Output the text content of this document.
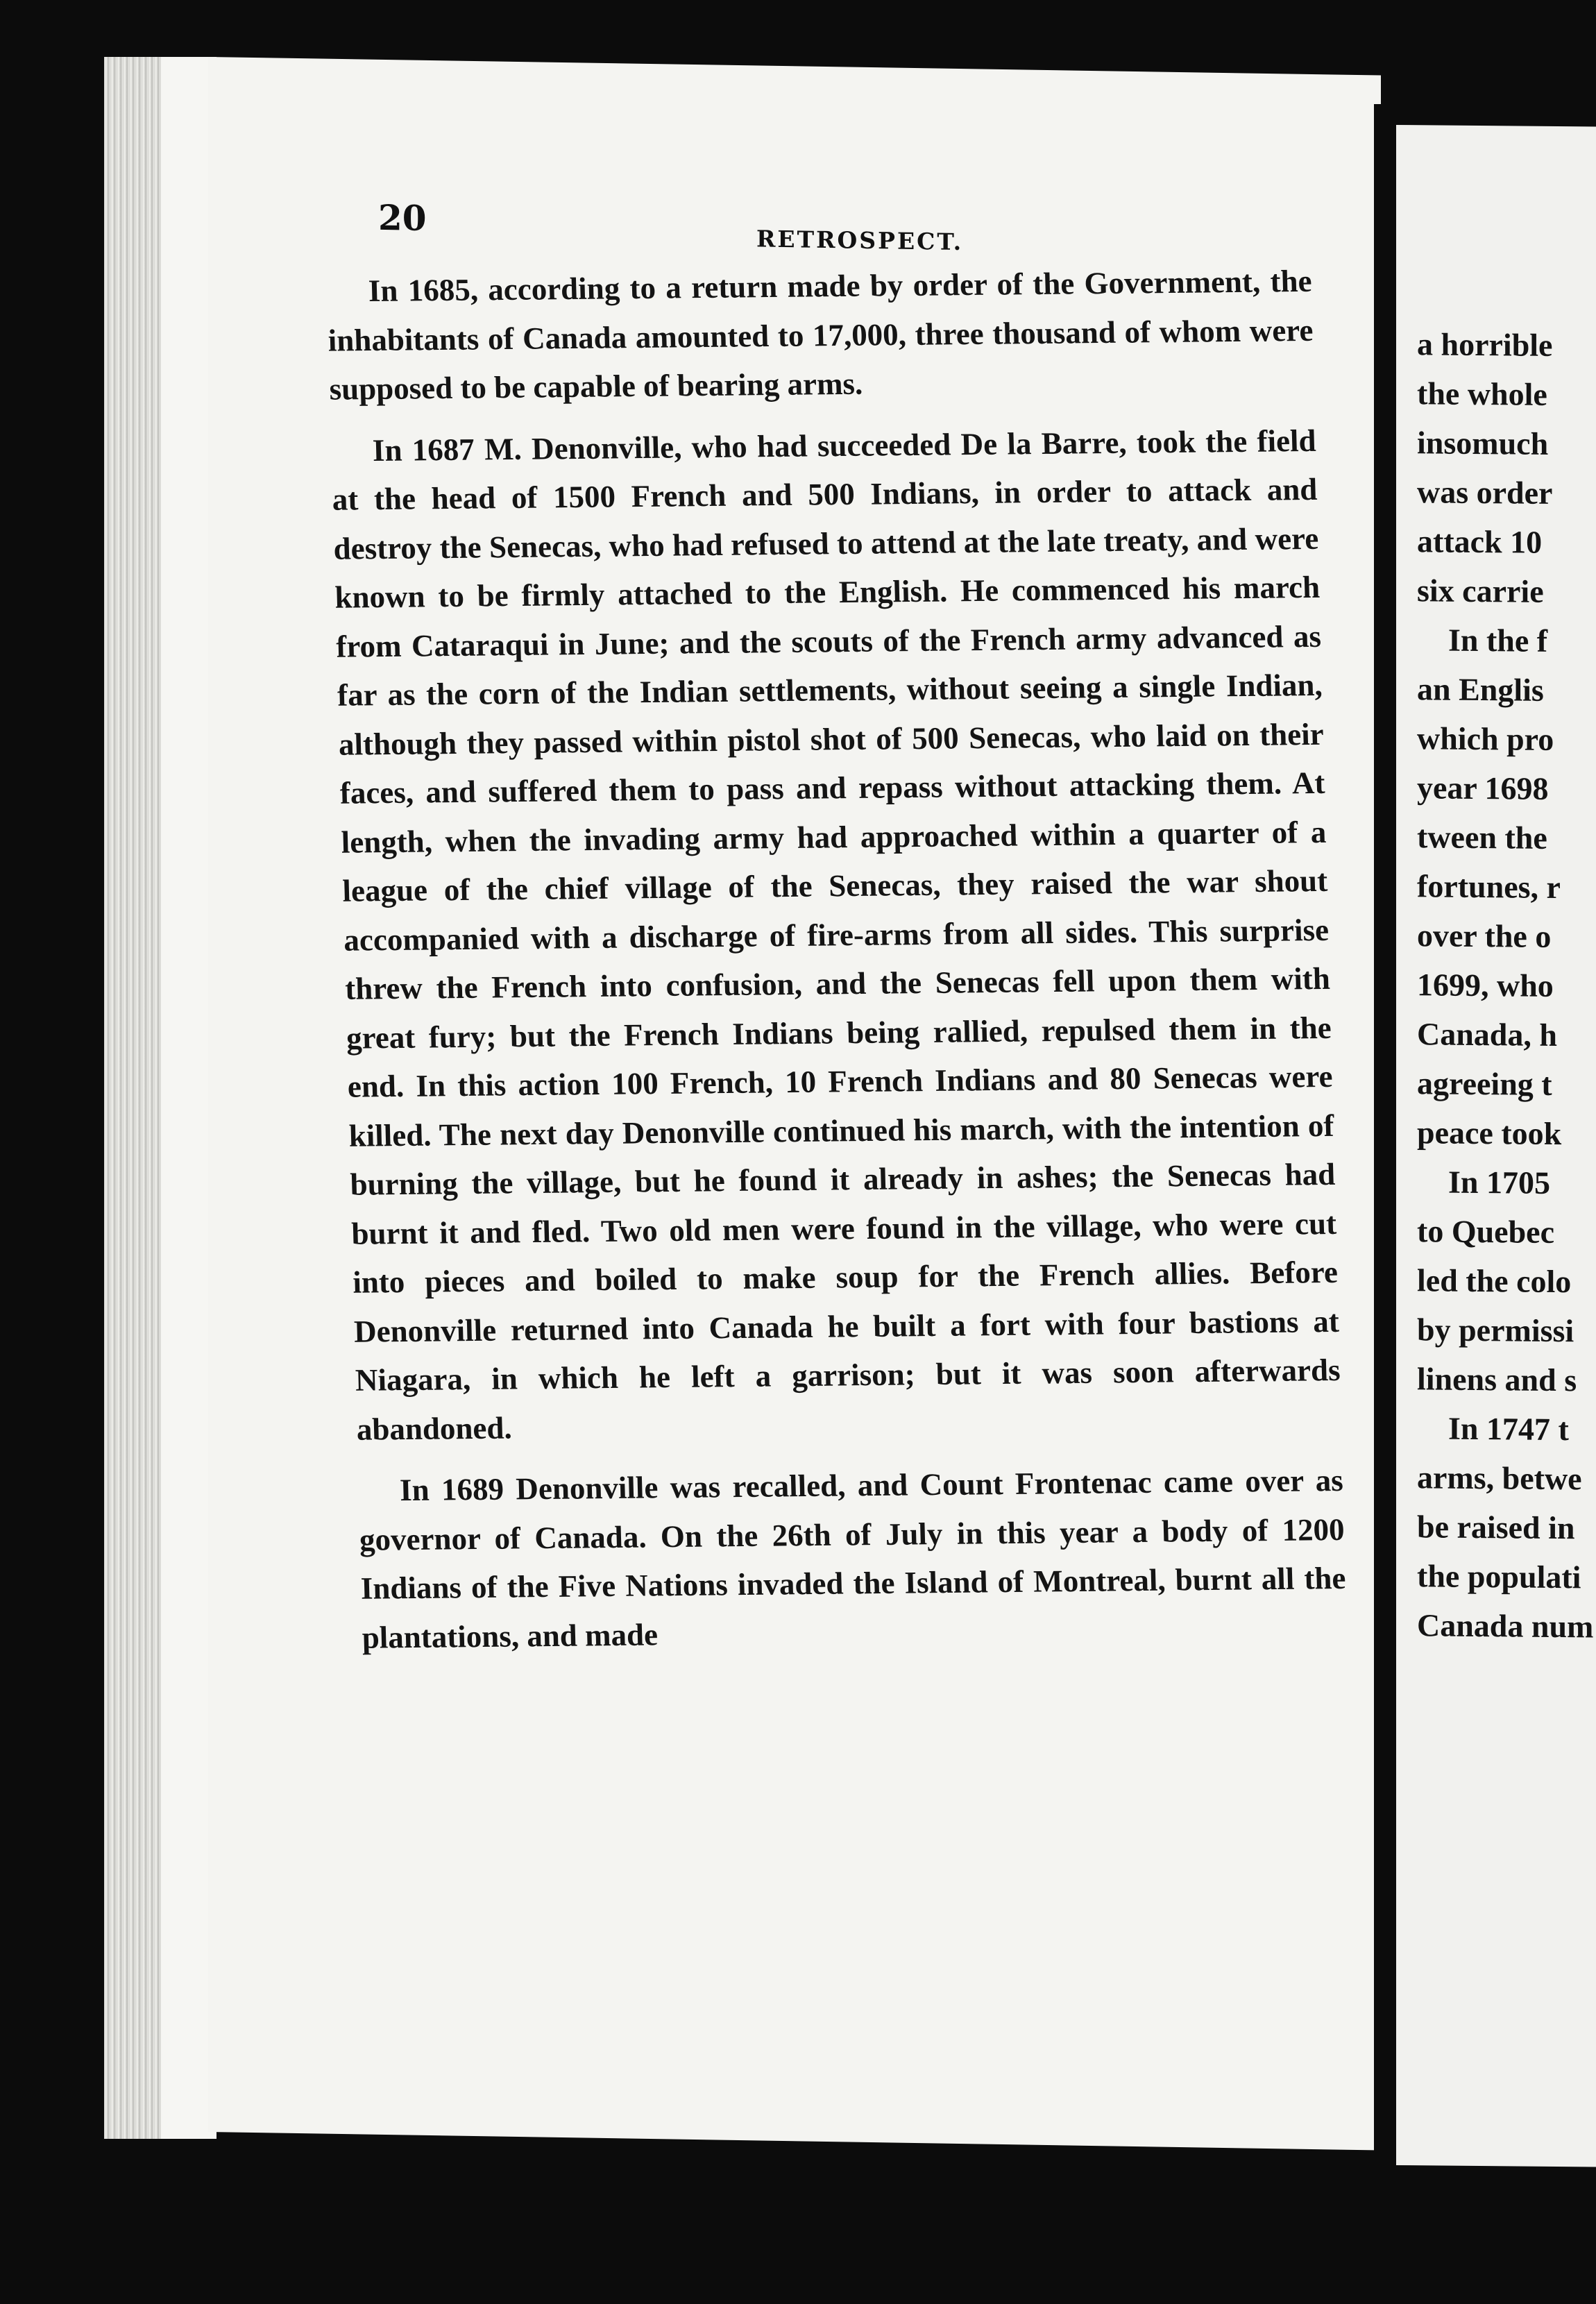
20
RETROSPECT.

In 1685, according to a return made by order of the Government, the inhabitants of Canada amounted to 17,000, three thousand of whom were supposed to be capable of bearing arms.

In 1687 M. Denonville, who had succeeded De la Barre, took the field at the head of 1500 French and 500 Indians, in order to attack and destroy the Senecas, who had refused to attend at the late treaty, and were known to be firmly attached to the English. He commenced his march from Cataraqui in June; and the scouts of the French army advanced as far as the corn of the Indian settlements, without seeing a single Indian, although they passed within pistol shot of 500 Senecas, who laid on their faces, and suffered them to pass and repass without attacking them. At length, when the invading army had approached within a quarter of a league of the chief village of the Senecas, they raised the war shout accompanied with a discharge of fire-arms from all sides. This surprise threw the French into confusion, and the Senecas fell upon them with great fury; but the French Indians being rallied, repulsed them in the end. In this action 100 French, 10 French Indians and 80 Senecas were killed. The next day Denonville continued his march, with the intention of burning the village, but he found it already in ashes; the Senecas had burnt it and fled. Two old men were found in the village, who were cut into pieces and boiled to make soup for the French allies. Before Denonville returned into Canada he built a fort with four bastions at Niagara, in which he left a garrison; but it was soon afterwards abandoned.

In 1689 Denonville was recalled, and Count Frontenac came over as governor of Canada. On the 26th of July in this year a body of 1200 Indians of the Five Nations invaded the Island of Montreal, burnt all the plantations, and made

a horrible
the whole
insomuch
was order
attack 10
six carrie
In the f
an Englis
which pro
year 1698
tween the
fortunes, r
over the o
1699, who
Canada, h
agreeing t
peace took
In 1705
to Quebec
led the colo
by permissi
linens and s
In 1747 t
arms, betwe
be raised in
the populati
Canada num
